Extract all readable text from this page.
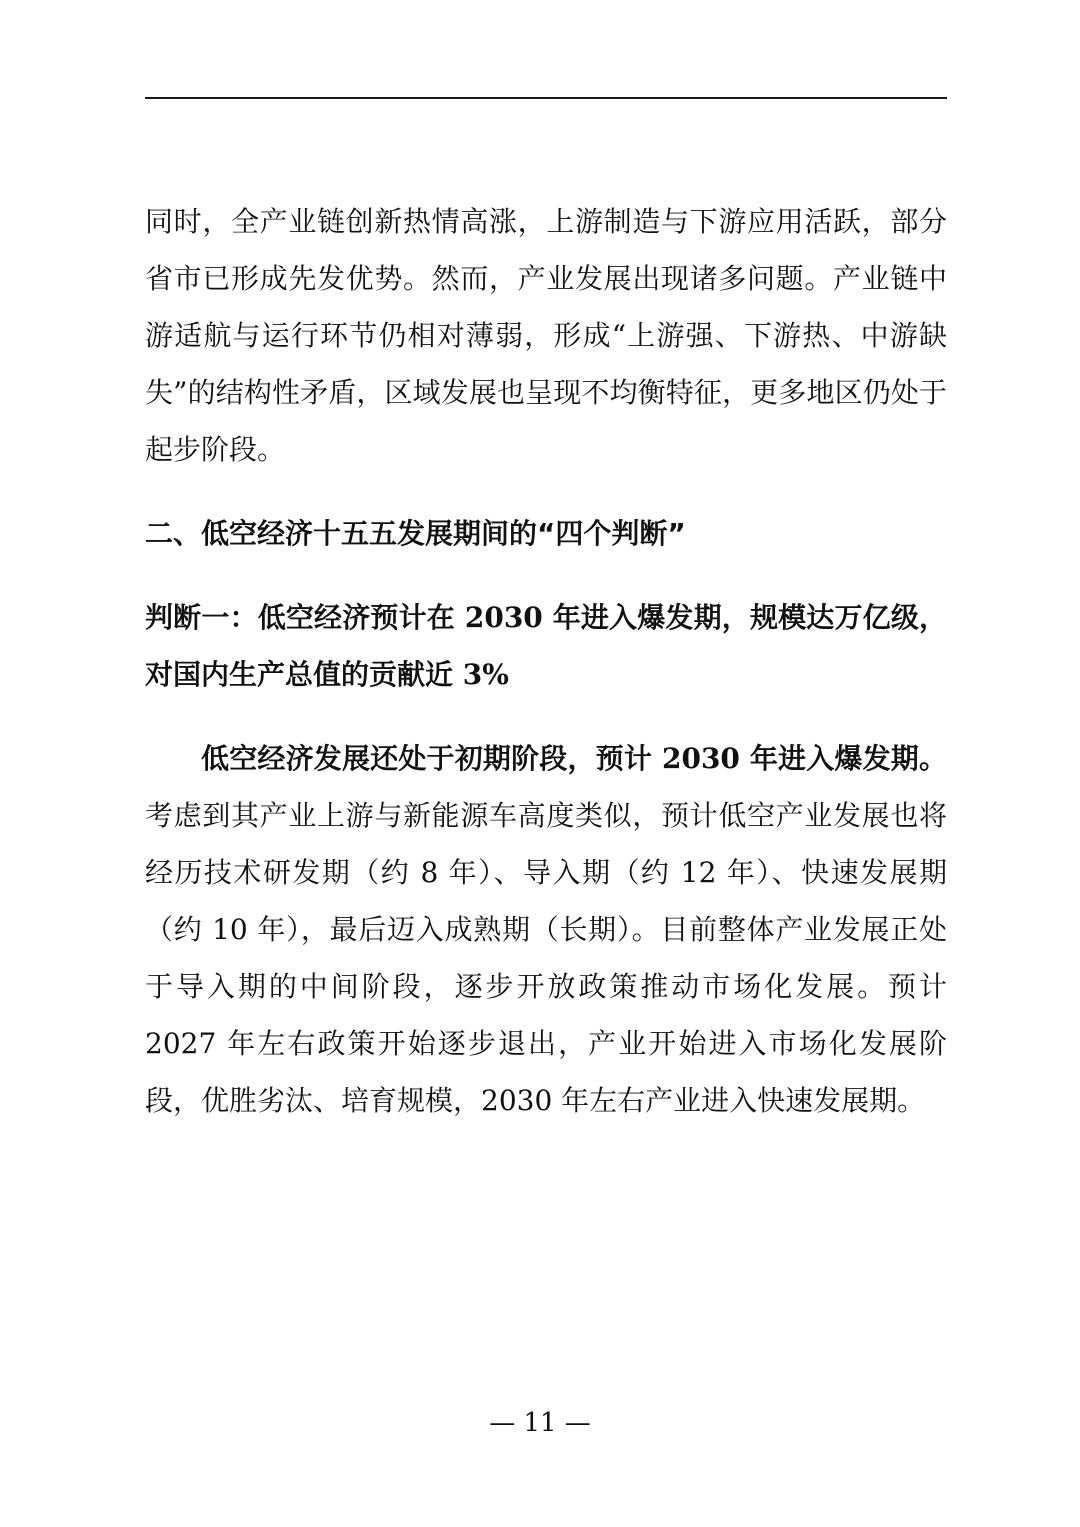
同时，全产业链创新热情高涨，上游制造与下游应用活跃，部分省市已形成先发优势。然而，产业发展出现诸多问题。产业链中游适航与运行环节仍相对薄弱，形成“上游强、下游热、中游缺失”的结构性矛盾，区域发展也呈现不均衡特征，更多地区仍处于起步阶段。

二、低空经济十五五发展期间的“四个判断”
判断一：低空经济预计在 2030 年进入爆发期，规模达万亿级，对国内生产总值的贡献近 3%

低空经济发展还处于初期阶段，预计 2030 年进入爆发期。考虑到其产业上游与新能源车高度类似，预计低空产业发展也将经历技术研发期（约 8 年）、导入期（约 12 年）、快速发展期（约 10 年），最后迈入成熟期（长期）。目前整体产业发展正处于导入期的中间阶段，逐步开放政策推动市场化发展。预计 2027 年左右政策开始逐步退出，产业开始进入市场化发展阶段，优胜劣汰、培育规模，2030 年左右产业进入快速发展期。

— 11 —
